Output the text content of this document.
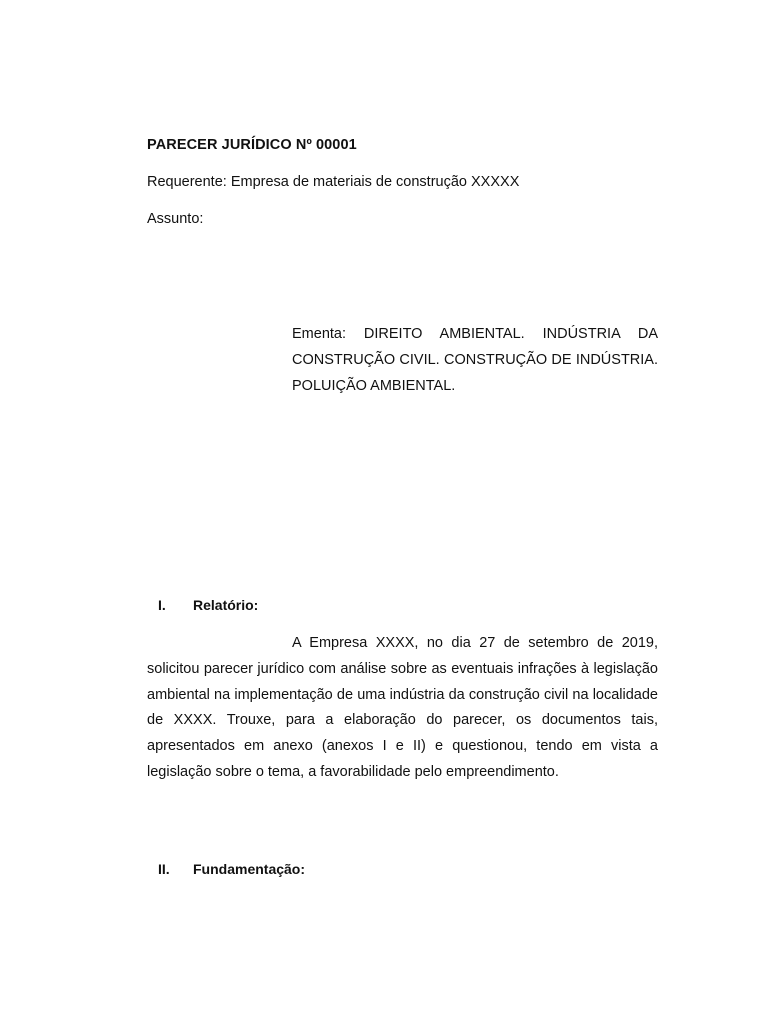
PARECER JURÍDICO Nº 00001
Requerente: Empresa de materiais de construção XXXXX
Assunto:
Ementa: DIREITO AMBIENTAL. INDÚSTRIA DA CONSTRUÇÃO CIVIL. CONSTRUÇÃO DE INDÚSTRIA. POLUIÇÃO AMBIENTAL.
I.	Relatório:
A Empresa XXXX, no dia 27 de setembro de 2019, solicitou parecer jurídico com análise sobre as eventuais infrações à legislação ambiental na implementação de uma indústria da construção civil na localidade de XXXX. Trouxe, para a elaboração do parecer, os documentos tais, apresentados em anexo (anexos I e II) e questionou, tendo em vista a legislação sobre o tema, a favorabilidade pelo empreendimento.
II.	Fundamentação:
